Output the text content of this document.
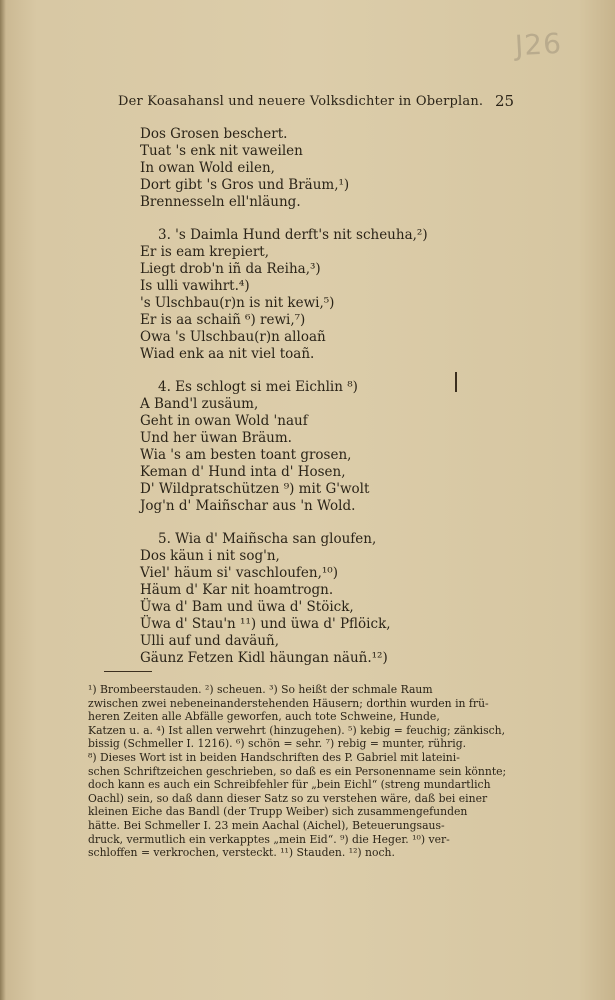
J26
Der Koasahansl und neuere Volksdichter in Oberplan. 25
Dos Grosen beschert.
Tuat 's enk nit vaweilen
In owan Wold eilen,
Dort gibt 's Gros und Bräum,¹)
Brennesseln ell'nläung.
3. 's Daimla Hund derft's nit scheuha,²)
Er is eam krepiert,
Liegt drob'n iñ da Reiha,³)
Is ulli vawihrt.⁴)
's Ulschbau(r)n is nit kewi,⁵)
Er is aa schaiñ ⁶) rewi,⁷)
Owa 's Ulschbau(r)n alloañ
Wiad enk aa nit viel toañ.
4. Es schlogt si mei Eichlin ⁸)
A Band'l zusäum,
Geht in owan Wold 'nauf
Und her üwan Bräum.
Wia 's am besten toant grosen,
Keman d' Hund inta d' Hosen,
D' Wildpratschützen ⁹) mit G'wolt
Jog'n d' Maiñschar aus 'n Wold.
5. Wia d' Maiñscha san gloufen,
Dos käun i nit sog'n,
Viel' häum si' vaschloufen,¹⁰)
Häum d' Kar nit hoamtrogn.
Üwa d' Bam und üwa d' Stöick,
Üwa d' Stau'n ¹¹) und üwa d' Pflöick,
Ulli auf und daväuñ,
Gäunz Fetzen Kidl häungan näuñ.¹²)
¹) Brombeerstauden. ²) scheuen. ³) So heißt der schmale Raum
zwischen zwei nebeneinanderstehenden Häusern; dorthin wurden in frü-
heren Zeiten alle Abfälle geworfen, auch tote Schweine, Hunde,
Katzen u. a. ⁴) Ist allen verwehrt (hinzugehen). ⁵) kebig = feuchig; zänkisch,
bissig (Schmeller I. 1216). ⁶) schön = sehr. ⁷) rebig = munter, rührig.
⁸) Dieses Wort ist in beiden Handschriften des P. Gabriel mit lateini-
schen Schriftzeichen geschrieben, so daß es ein Personenname sein könnte;
doch kann es auch ein Schreibfehler für „bein Eichl“ (streng mundartlich
Oachl) sein, so daß dann dieser Satz so zu verstehen wäre, daß bei einer
kleinen Eiche das Bandl (der Trupp Weiber) sich zusammengefunden
hätte. Bei Schmeller I. 23 mein Aachal (Aichel), Beteuerungsaus-
druck, vermutlich ein verkapptes „mein Eid“. ⁹) die Heger. ¹⁰) ver-
schloffen = verkrochen, versteckt. ¹¹) Stauden. ¹²) noch.
